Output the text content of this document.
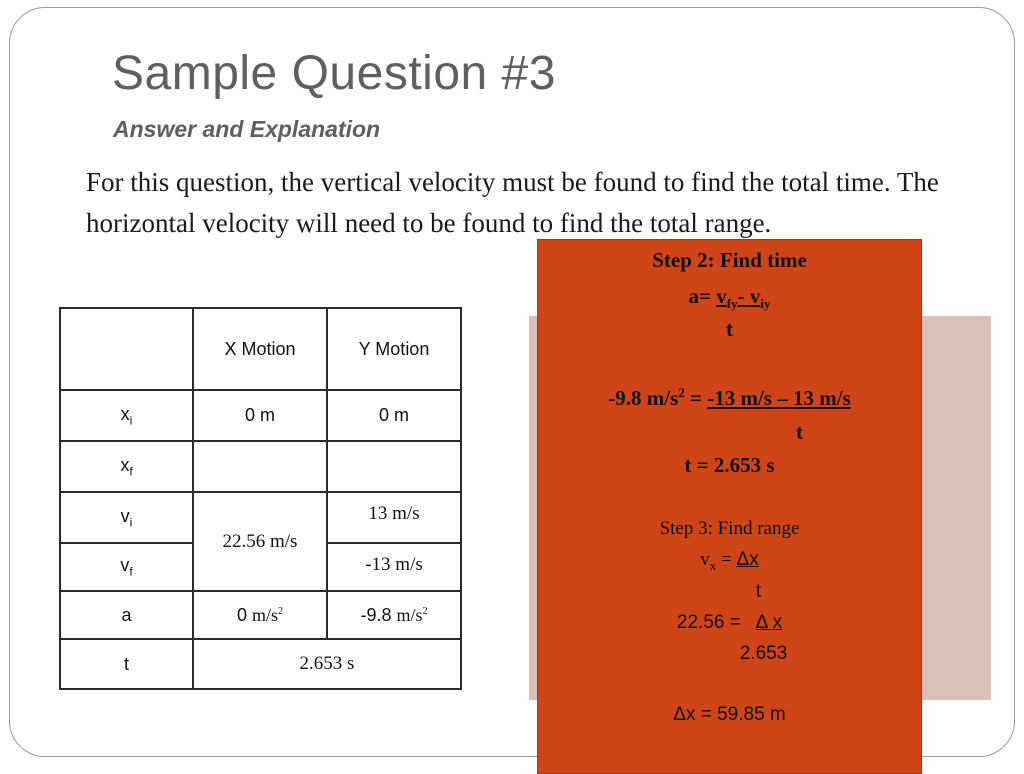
Sample Question #3
Answer and Explanation

For this question, the vertical velocity must be found to find the total time. The horizontal velocity will need to be found to find the total range.

	X Motion	Y Motion
$x_i$	0 m	0 m
$x_f$		
$v_i$	22.56 m/s	13 m/s
$v_f$		-13 m/s
a	0 $m/s^2$	-9.8 $m/s^2$
t	2.653 s	
Step 2: Find time
$a= v_{fy}-$ $v_{iy}$
t
-9.8 $m/s^2 = -13$ m/s – 13 m/s
t
t = 2.653 s
Step 3: Find range
$v_x = \Delta x$
t
22.56 = Δ x
2.653
Δx = 59.85 m
